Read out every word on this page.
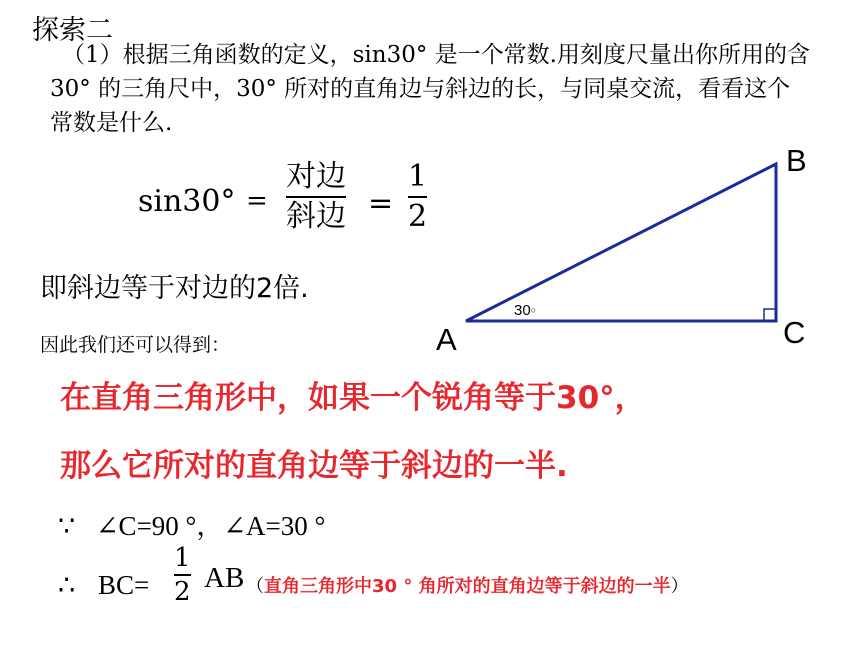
探索二
（1）根据三角函数的定义，sin30° 是一个常数.用刻度尺量出你所用的含30° 的三角尺中，30° 所对的直角边与斜边的长，与同桌交流，看看这个常数是什么.
sin30° =
对边
斜边 =
1
2
即斜边等于对边的2倍.
因此我们还可以得到：	A
B
C
30○
在直角三角形中，如果一个锐角等于30°，
那么它所对的直角边等于斜边的一半.
∵ ∠C=90 °，∠A=30 °
∴ BC=
1
2 AB （直角三角形中30 ° 角所对的直角边等于斜边的一半）
